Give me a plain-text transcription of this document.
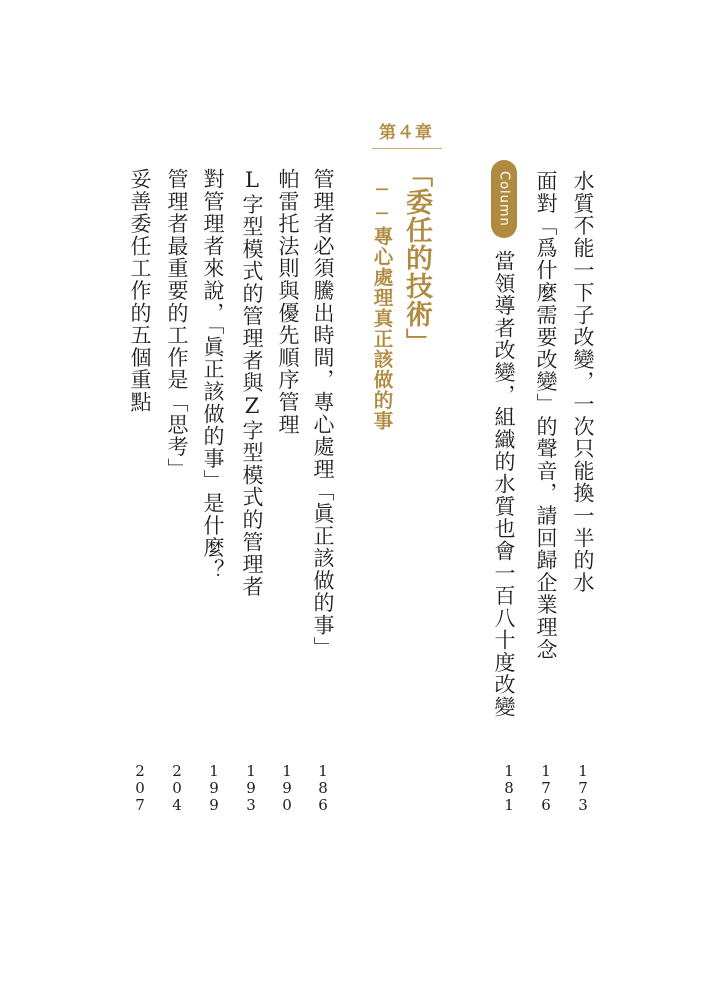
水質不能一下子改變，一次只能換一半的水
面對「爲什麼需要改變」的聲音，請回歸企業理念
當領導者改變，組織的水質也會一百八十度改變
Column
第４章
「委任的技術」
──專心處理真正該做的事
管理者必須騰出時間，專心處理「眞正該做的事」
帕雷托法則與優先順序管理
L字型模式的管理者與Z字型模式的管理者
對管理者來說，「眞正該做的事」是什麼？
管理者最重要的工作是「思考」
妥善委任工作的五個重點
1
7
3
1
7
6
1
8
1
1
8
6
1
9
0
1
9
3
1
9
9
2
0
4
2
0
7
